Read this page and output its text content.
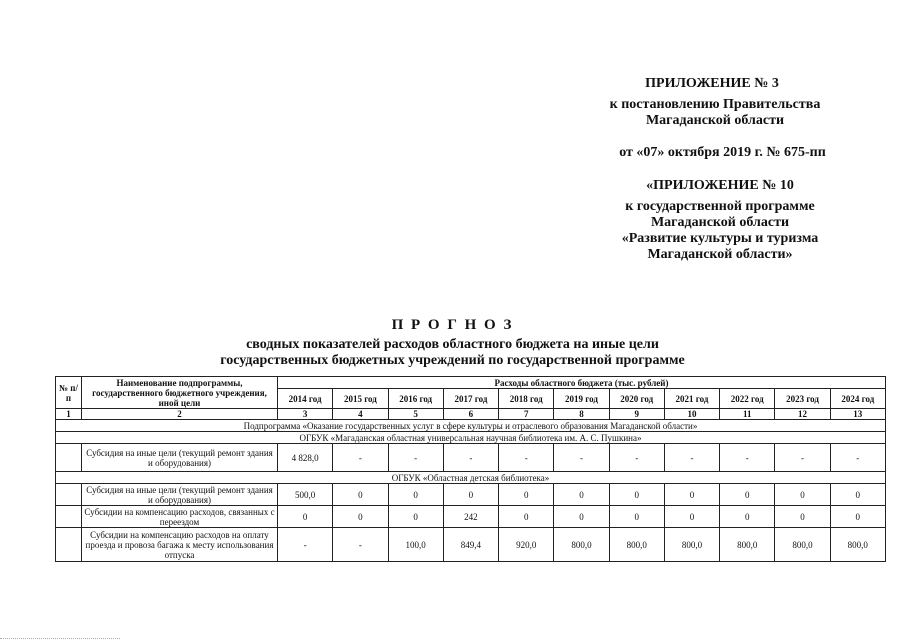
ПРИЛОЖЕНИЕ № 3
к постановлению Правительства
Магаданской области
от «07» октября 2019 г. № 675-пп
«ПРИЛОЖЕНИЕ № 10
к государственной программе
Магаданской области
«Развитие культуры и туризма
Магаданской области»
П Р О Г Н О З
сводных показателей расходов областного бюджета на иные цели
государственных бюджетных учреждений по государственной программе
№ п/п	Наименование подпрограммы, государственного бюджетного учреждения, иной цели	Расходы областного бюджета (тыс. рублей)										
		2014 год	2015 год	2016 год	2017 год	2018 год	2019 год	2020 год	2021 год	2022 год	2023 год	2024 год
1	2	3	4	5	6	7	8	9	10	11	12	13
Подпрограмма «Оказание государственных услуг в сфере культуры и отраслевого образования Магаданской области»												
ОГБУК «Магаданская областная универсальная научная библиотека им. А. С. Пушкина»												
	Субсидия на иные цели (текущий ремонт здания и оборудования)	4 828,0	-	-	-	-	-	-	-	-	-	-
ОГБУК «Областная детская библиотека»												
	Субсидия на иные цели (текущий ремонт здания и оборудования)	500,0	0	0	0	0	0	0	0	0	0	0
	Субсидии на компенсацию расходов, связанных с переездом	0	0	0	242	0	0	0	0	0	0	0
	Субсидии на компенсацию расходов на оплату проезда и провоза багажа к месту использования отпуска	-	-	100,0	849,4	920,0	800,0	800,0	800,0	800,0	800,0	800,0
